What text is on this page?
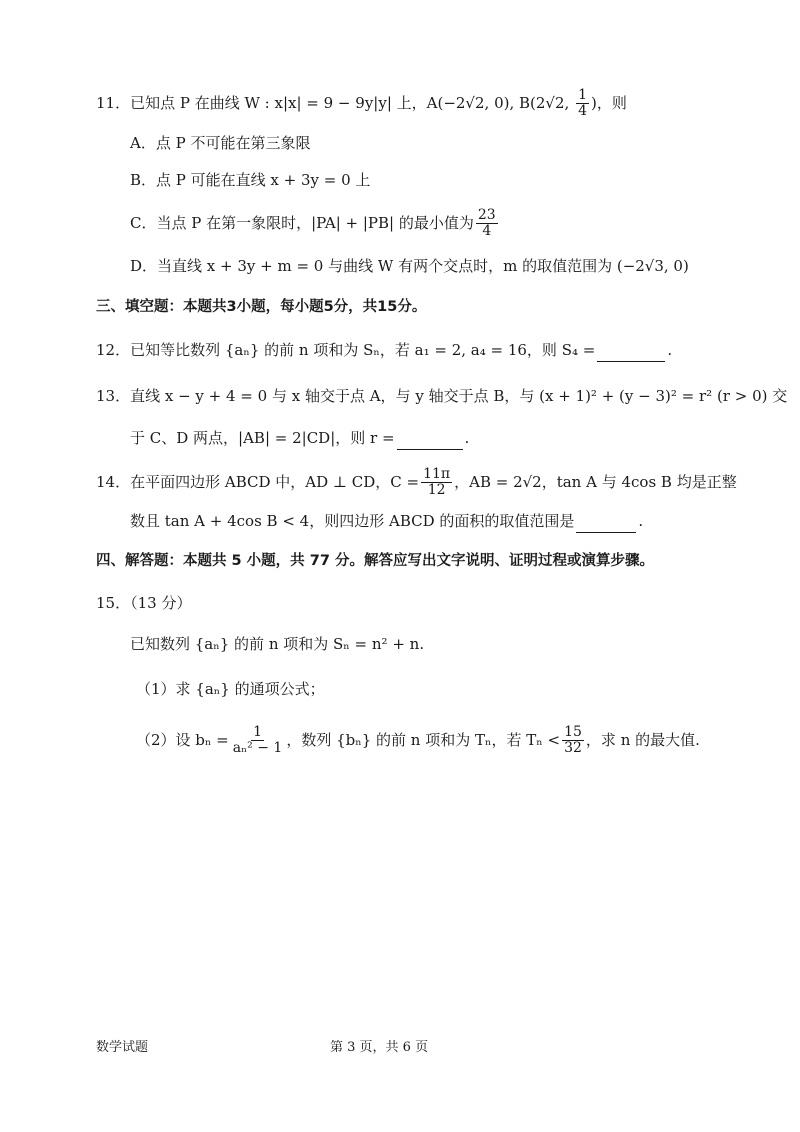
11．已知点 P 在曲线 W : x|x| = 9 − 9y|y| 上，A(−2√2, 0), B(2√2, $\frac{1}{4}$ )，则
A．点 P 不可能在第三象限
B．点 P 可能在直线 x + 3y = 0 上
C．当点 P 在第一象限时，|PA| + |PB| 的最小值为 $\frac{23}{4}$
D．当直线 x + 3y + m = 0 与曲线 W 有两个交点时，m 的取值范围为 (−2√3, 0)
三、填空题：本题共3小题，每小题5分，共15分。
12．已知等比数列 {aₙ} 的前 n 项和为 Sₙ，若 a₁ = 2, a₄ = 16，则 S₄ =	.
13．直线 x − y + 4 = 0 与 x 轴交于点 A，与 y 轴交于点 B，与 (x + 1)² + (y − 3)² = r² (r > 0) 交
于 C、D 两点，|AB| = 2|CD|，则 r =	.
14．在平面四边形 ABCD 中，AD ⊥ CD，$C = \frac{11\pi}{12}$ ，AB = 2√2，tan A 与 4cos B 均是正整
数且 tan A + 4cos B < 4，则四边形 ABCD 的面积的取值范围是	.
四、解答题：本题共 5 小题，共 77 分。解答应写出文字说明、证明过程或演算步骤。
15．（13 分）
已知数列 {aₙ} 的前 n 项和为 Sₙ = n² + n.
（1）求 {aₙ} 的通项公式；
（2）设 $b_n = \frac{1}{\text{aₙ² − 1}}$ ，数列 {bₙ} 的前 n 项和为 Tₙ，若 $T_n < \frac{15}{32}$ ，求 n 的最大值.
数学试题	第 3 页，共 6 页
